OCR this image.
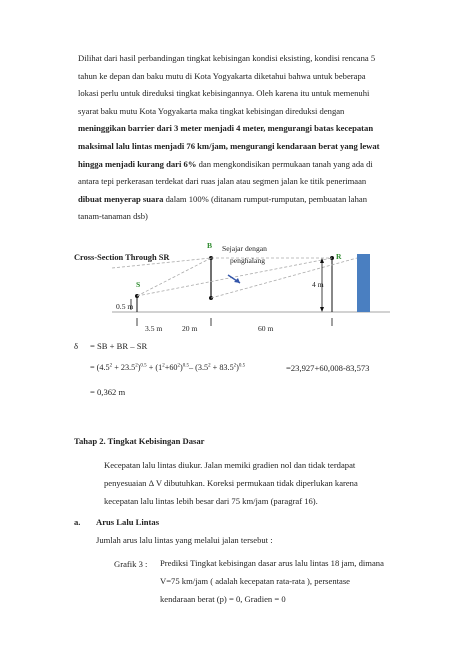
Dilihat dari hasil perbandingan tingkat kebisingan kondisi eksisting, kondisi rencana 5
tahun ke depan dan baku mutu di Kota Yogyakarta diketahui bahwa untuk beberapa
lokasi perlu untuk direduksi tingkat kebisingannya. Oleh karena itu untuk memenuhi
syarat baku mutu Kota Yogyakarta maka tingkat kebisingan direduksi dengan
meninggikan barrier dari 3 meter menjadi 4 meter, mengurangi batas kecepatan
maksimal lalu lintas menjadi 76 km/jam, mengurangi kendaraan berat yang lewat
hingga menjadi kurang dari 6% dan mengkondisikan permukaan tanah yang ada di
antara tepi perkerasan terdekat dari ruas jalan atau segmen jalan ke titik penerimaan
dibuat menyerap suara dalam 100% (ditanam rumput-rumputan, pembuatan lahan
tanam-tanaman dsb)
Cross-Section Through SR
B
S
R
Sejajar dengan
penghalang
4 m
0.5 m
3.5 m	20 m	60 m
δ = SB + BR – SR
= $(4.5^2 + 23.5^2)^{0.5} + (1^2+60^2)^{0.5}-$ $(3.5^2 + 83.5^2)^{0.5}$	=23,927+60,008-83,573
= 0,362 m
Tahap 2. Tingkat Kebisingan Dasar
Kecepatan lalu lintas diukur. Jalan memiki gradien nol dan tidak terdapat
penyesuaian Δ V dibutuhkan. Koreksi permukaan tidak diperlukan karena
kecepatan lalu lintas lebih besar dari 75 km/jam (paragraf 16).
a. Arus Lalu Lintas
Jumlah arus lalu lintas yang melalui jalan tersebut :
Grafik 3 : Prediksi Tingkat kebisingan dasar arus lalu lintas 18 jam, dimana
V=75 km/jam ( adalah kecepatan rata-rata ), persentase
kendaraan berat (p) = 0, Gradien = 0
